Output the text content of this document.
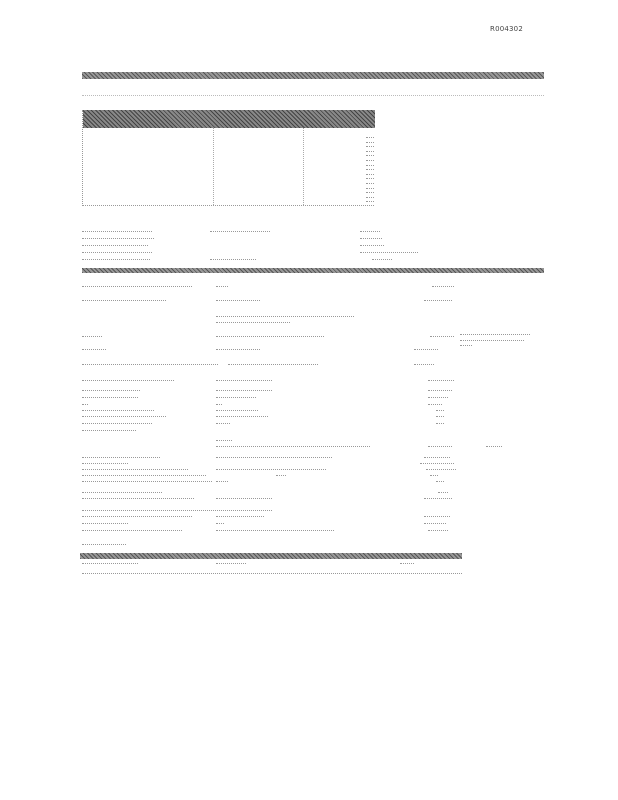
R004302
